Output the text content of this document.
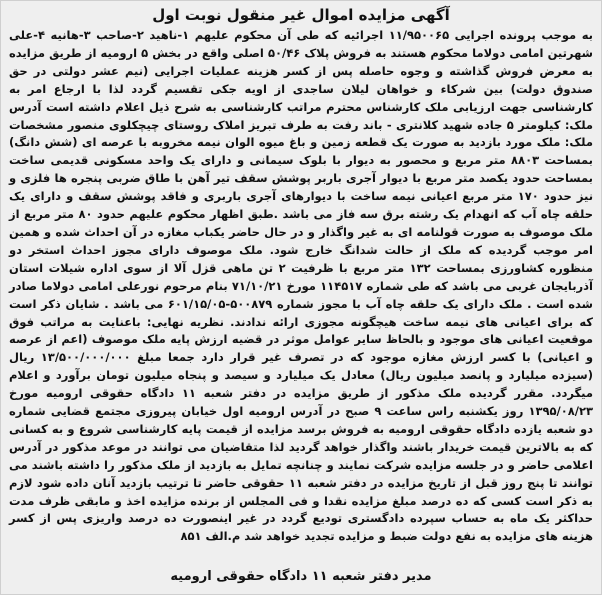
آگهی مزایده اموال غیر منقول نوبت اول
به موجب پرونده اجرایی ۱۱/۹۵۰۰۶۵ اجرائیه که طی آن محکوم علیهم ۱-ناهید ۲-صاحب ۳-هانیه ۴-علی شهرتین امامی دولاما محکوم هستند به فروش پلاک ۵۰/۴۶ اصلی واقع در بخش ۵ ارومیه از طریق مزایده به معرض فروش گذاشته و وجوه حاصله پس از کسر هزینه عملیات اجرایی (نیم عشر دولتی در حق صندوق دولت) بین شرکاء و خواهان لیلان ساجدی از اویه جکی تقسیم گردد لذا با ارجاع امر به کارشناسی جهت ارزیابی ملک کارشناس محترم مراتب کارشناسی به شرح ذیل اعلام داشته است آدرس ملک: کیلومتر ۵ جاده شهید کلانتری - باند رفت به طرف تبریز املاک روستای چیچکلوی منصور مشخصات ملک: ملک مورد بازدید به صورت یک قطعه زمین و باغ میوه الوان نیمه مخروبه با عرصه ای (شش دانگ) بمساحت ۸۸۰۳ متر مربع و محصور به دیوار با بلوک سیمانی و دارای یک واحد مسکونی قدیمی ساخت بمساحت حدود یکصد متر مربع با دیوار آجری باربر پوشش سقف تیر آهن با طاق ضربی پنجره ها فلزی و نیز حدود ۱۷۰ متر مربع اعیانی نیمه ساخت با دیوارهای آجری باربری و فاقد پوشش سقف و دارای یک حلقه چاه آب که انهدام یک رشته برق سه فاز می باشد .طبق اظهار محکوم علیهم حدود ۸۰ متر مربع از ملک موصوف به صورت قولنامه ای به غیر واگذار و در حال حاضر یکباب مغازه در آن احداث شده و همین امر موجب گردیده که ملک از حالت شدانگ خارج شود. ملک موصوف دارای مجوز احداث استخر دو منظوره کشاورزی بمساحت ۱۳۲ متر مربع با ظرفیت ۲ تن ماهی قزل آلا از سوی اداره شیلات استان آذربایجان غربی می باشد که طی شماره ۱۱۴۵۱۷ مورخ ۷۱/۱۰/۲۱ بنام مرحوم نورعلی امامی دولاما صادر شده است . ملک دارای یک حلقه چاه آب با مجوز شماره ۵۰۰۸۷۹-۶۰۱/۱۵/۰۵ می باشد . شایان ذکر است که برای اعیانی های نیمه ساخت هیچگونه مجوزی ارائه ندادند. نظریه نهایی: باعنایت به مراتب فوق موقعیت اعیانی های موجود و بالحاظ سایر عوامل موثر در قضیه ارزش پایه ملک موصوف (اعم از عرصه و اعیانی) با کسر ارزش مغازه موجود که در تصرف غیر قرار دارد جمعا مبلغ ۱۳/۵۰۰/۰۰۰/۰۰۰ ریال (سیزده میلیارد و پانصد میلیون ریال) معادل یک میلیارد و سیصد و پنجاه میلیون تومان برآورد و اعلام میگردد. مقرر گردیده ملک مذکور از طریق مزایده در دفتر شعبه ۱۱ دادگاه حقوقی ارومیه مورخ ۱۳۹۵/۰۸/۲۳ روز یکشنبه راس ساعت ۹ صبح در آدرس ارومیه اول خیابان پیروزی مجتمع قضایی شماره دو شعبه یازده دادگاه حقوقی ارومیه به فروش برسد مزایده از قیمت پایه کارشناسی شروع و به کسانی که به بالاترین قیمت خریدار باشند واگذار خواهد گردید لذا متقاضیان می توانند در موعد مذکور در آدرس اعلامی حاضر و در جلسه مزایده شرکت نمایند و چنانچه تمایل به بازدید از ملک مذکور را داشته باشند می توانند تا پنج روز قبل از تاریخ مزایده در دفتر شعبه ۱۱ حقوقی حاضر تا ترتیب بازدید آنان داده شود لازم به ذکر است کسی که ده درصد مبلغ مزایده نقدا و فی المجلس از برنده مزایده اخذ و مابقی ظرف مدت حداکثر یک ماه به حساب سپرده دادگستری تودیع گردد در غیر اینصورت ده درصد واریزی پس از کسر هزینه های مزایده به نفع دولت ضبط و مزایده تجدید خواهد شد م.الف ۸۵۱
مدیر دفتر شعبه ۱۱ دادگاه حقوقی ارومیه
